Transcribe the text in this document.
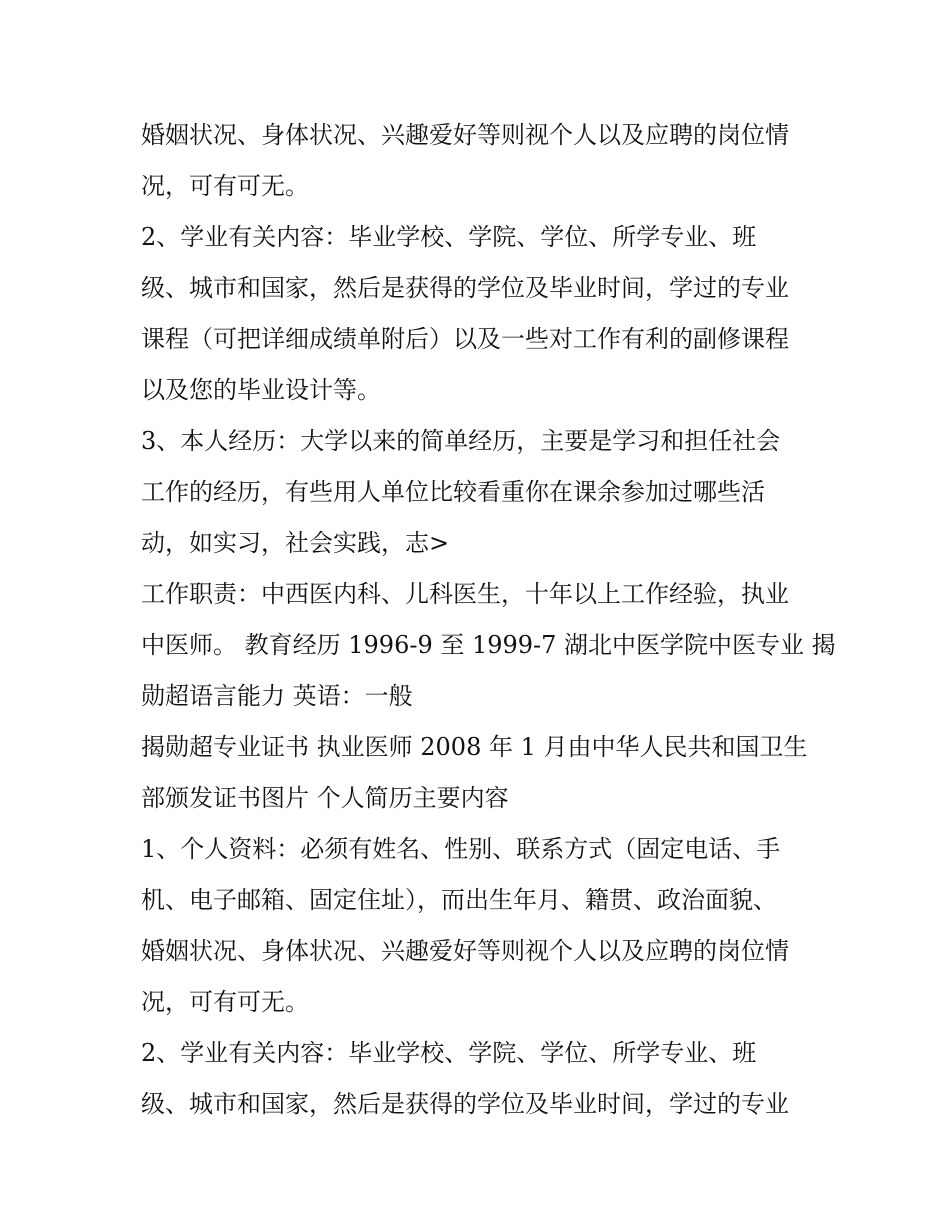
婚姻状况、身体状况、兴趣爱好等则视个人以及应聘的岗位情

况，可有可无。

2、学业有关内容：毕业学校、学院、学位、所学专业、班

级、城市和国家，然后是获得的学位及毕业时间，学过的专业

课程（可把详细成绩单附后）以及一些对工作有利的副修课程

以及您的毕业设计等。

3、本人经历：大学以来的简单经历，主要是学习和担任社会

工作的经历，有些用人单位比较看重你在课余参加过哪些活

动，如实习，社会实践，志>

工作职责：中西医内科、儿科医生，十年以上工作经验，执业

中医师。 教育经历 1996-9 至 1999-7 湖北中医学院中医专业 揭

勋超语言能力 英语：一般

揭勋超专业证书 执业医师 2008 年 1 月由中华人民共和国卫生

部颁发证书图片 个人简历主要内容

1、个人资料：必须有姓名、性别、联系方式（固定电话、手

机、电子邮箱、固定住址），而出生年月、籍贯、政治面貌、

婚姻状况、身体状况、兴趣爱好等则视个人以及应聘的岗位情

况，可有可无。

2、学业有关内容：毕业学校、学院、学位、所学专业、班

级、城市和国家，然后是获得的学位及毕业时间，学过的专业
